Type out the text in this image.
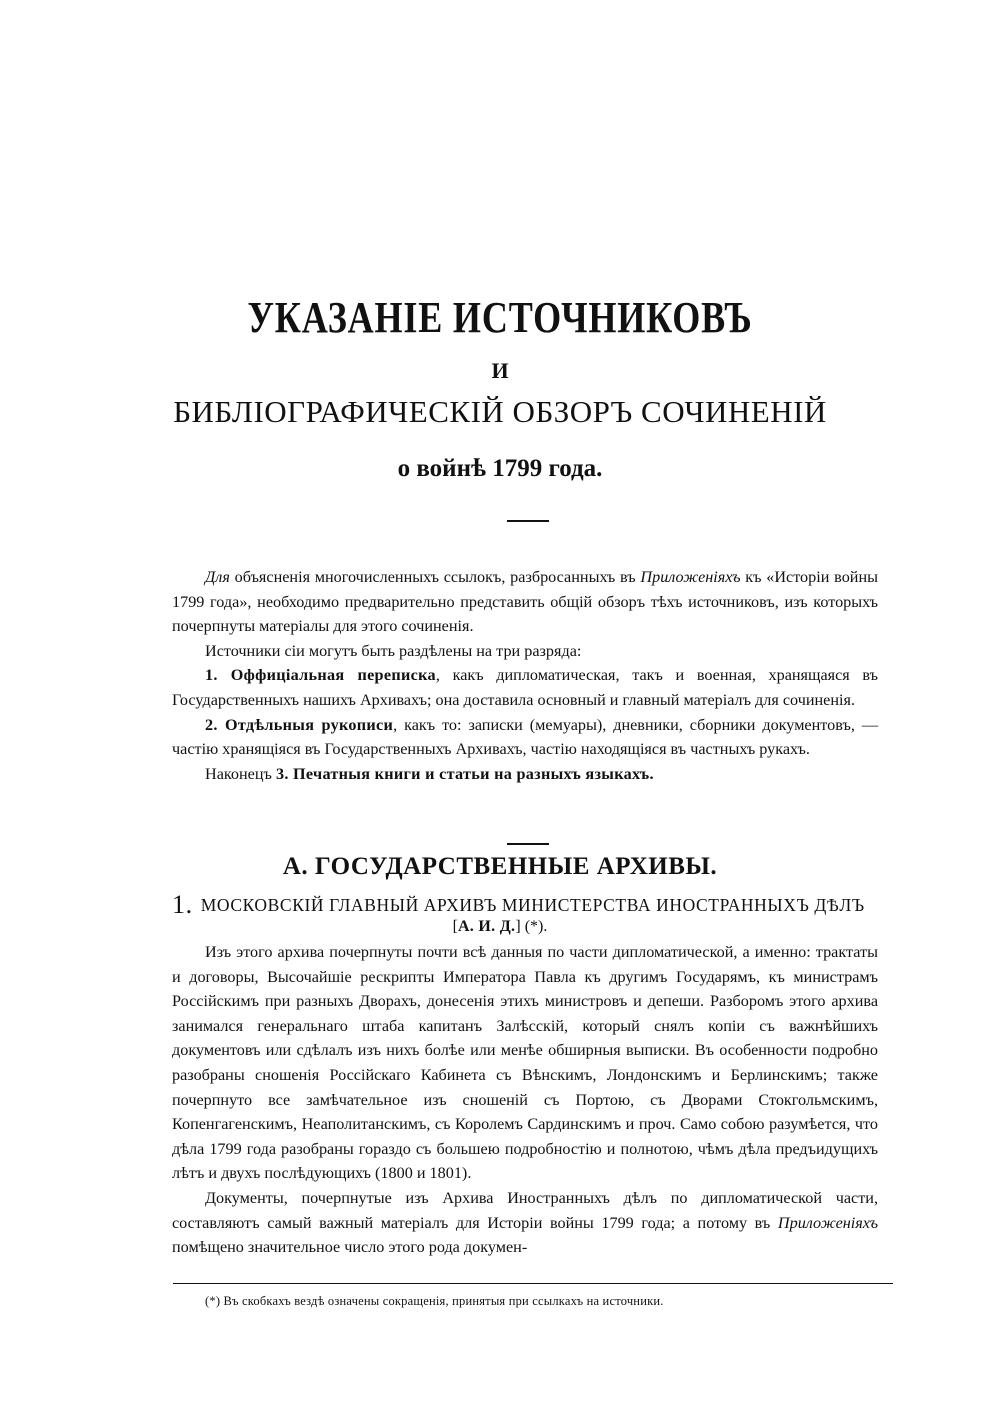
УКАЗАНІЕ ИСТОЧНИКОВЪ
И
БИБЛІОГРАФИЧЕСКІЙ ОБЗОРЪ СОЧИНЕНІЙ
о войнѣ 1799 года.

Для объясненія многочисленныхъ ссылокъ, разбросанныхъ въ Приложеніяхъ къ «Исторіи войны 1799 года», необходимо предварительно представить общій обзоръ тѣхъ источниковъ, изъ которыхъ почерпнуты матеріалы для этого сочиненія.

Источники сіи могутъ быть раздѣлены на три разряда:

1. Оффиціальная переписка, какъ дипломатическая, такъ и военная, хранящаяся въ Государственныхъ нашихъ Архивахъ; она доставила основный и главный матеріалъ для сочиненія.

2. Отдѣльныя рукописи, какъ то: записки (мемуары), дневники, сборники документовъ, — частію хранящіяся въ Государственныхъ Архивахъ, частію находящіяся въ частныхъ рукахъ.

Наконецъ 3. Печатныя книги и статьи на разныхъ языкахъ.

А. ГОСУДАРСТВЕННЫЕ АРХИВЫ.
1. МОСКОВСКІЙ ГЛАВНЫЙ АРХИВЪ МИНИСТЕРСТВА ИНОСТРАННЫХЪ ДѢЛЪ
[А. И. Д.] (*).

Изъ этого архива почерпнуты почти всѣ данныя по части дипломатической, а именно: трактаты и договоры, Высочайшіе рескрипты Императора Павла къ другимъ Государямъ, къ министрамъ Россійскимъ при разныхъ Дворахъ, донесенія этихъ министровъ и депеши. Разборомъ этого архива занимался генеральнаго штаба капитанъ Залѣсскій, который снялъ копіи съ важнѣйшихъ документовъ или сдѣлалъ изъ нихъ болѣе или менѣе обширныя выписки. Въ особенности подробно разобраны сношенія Россійскаго Кабинета съ Вѣнскимъ, Лондонскимъ и Берлинскимъ; также почерпнуто все замѣчательное изъ сношеній съ Портою, съ Дворами Стокгольмскимъ, Копенгагенскимъ, Неаполитанскимъ, съ Королемъ Сардинскимъ и проч. Само собою разумѣется, что дѣла 1799 года разобраны гораздо съ большею подробностію и полнотою, чѣмъ дѣла предъидущихъ лѣтъ и двухъ послѣдующихъ (1800 и 1801).

Документы, почерпнутые изъ Архива Иностранныхъ дѣлъ по дипломатической части, составляютъ самый важный матеріалъ для Исторіи войны 1799 года; а потому въ Приложеніяхъ помѣщено значительное число этого рода докумен-

(*) Въ скобкахъ вездѣ означены сокращенія, принятыя при ссылкахъ на источники.
